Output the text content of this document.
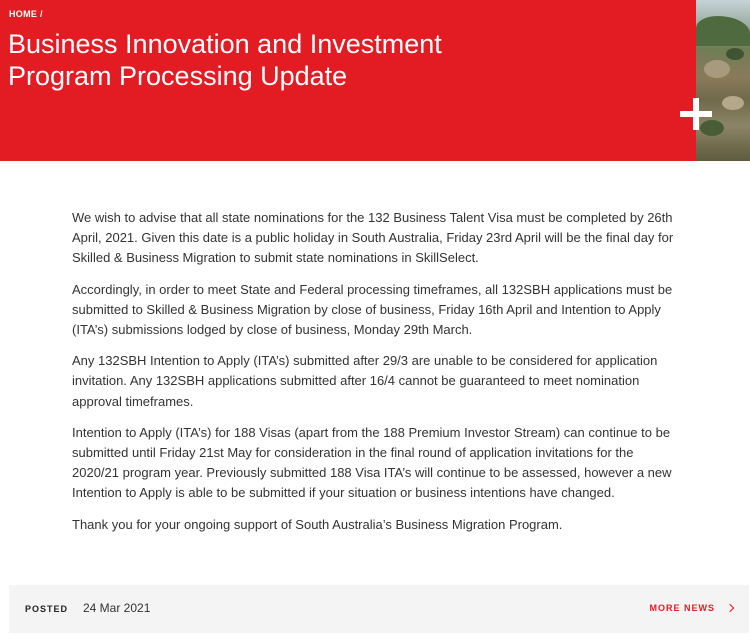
HOME /
Business Innovation and Investment Program Processing Update

We wish to advise that all state nominations for the 132 Business Talent Visa must be completed by 26th April, 2021. Given this date is a public holiday in South Australia, Friday 23rd April will be the final day for Skilled & Business Migration to submit state nominations in SkillSelect.

Accordingly, in order to meet State and Federal processing timeframes, all 132SBH applications must be submitted to Skilled & Business Migration by close of business, Friday 16th April and Intention to Apply (ITA’s) submissions lodged by close of business, Monday 29th March.

Any 132SBH Intention to Apply (ITA’s) submitted after 29/3 are unable to be considered for application invitation. Any 132SBH applications submitted after 16/4 cannot be guaranteed to meet nomination approval timeframes.

Intention to Apply (ITA’s) for 188 Visas (apart from the 188 Premium Investor Stream) can continue to be submitted until Friday 21st May for consideration in the final round of application invitations for the 2020/21 program year. Previously submitted 188 Visa ITA’s will continue to be assessed, however a new Intention to Apply is able to be submitted if your situation or business intentions have changed.

Thank you for your ongoing support of South Australia’s Business Migration Program.

POSTED 24 Mar 2021	MORE NEWS
